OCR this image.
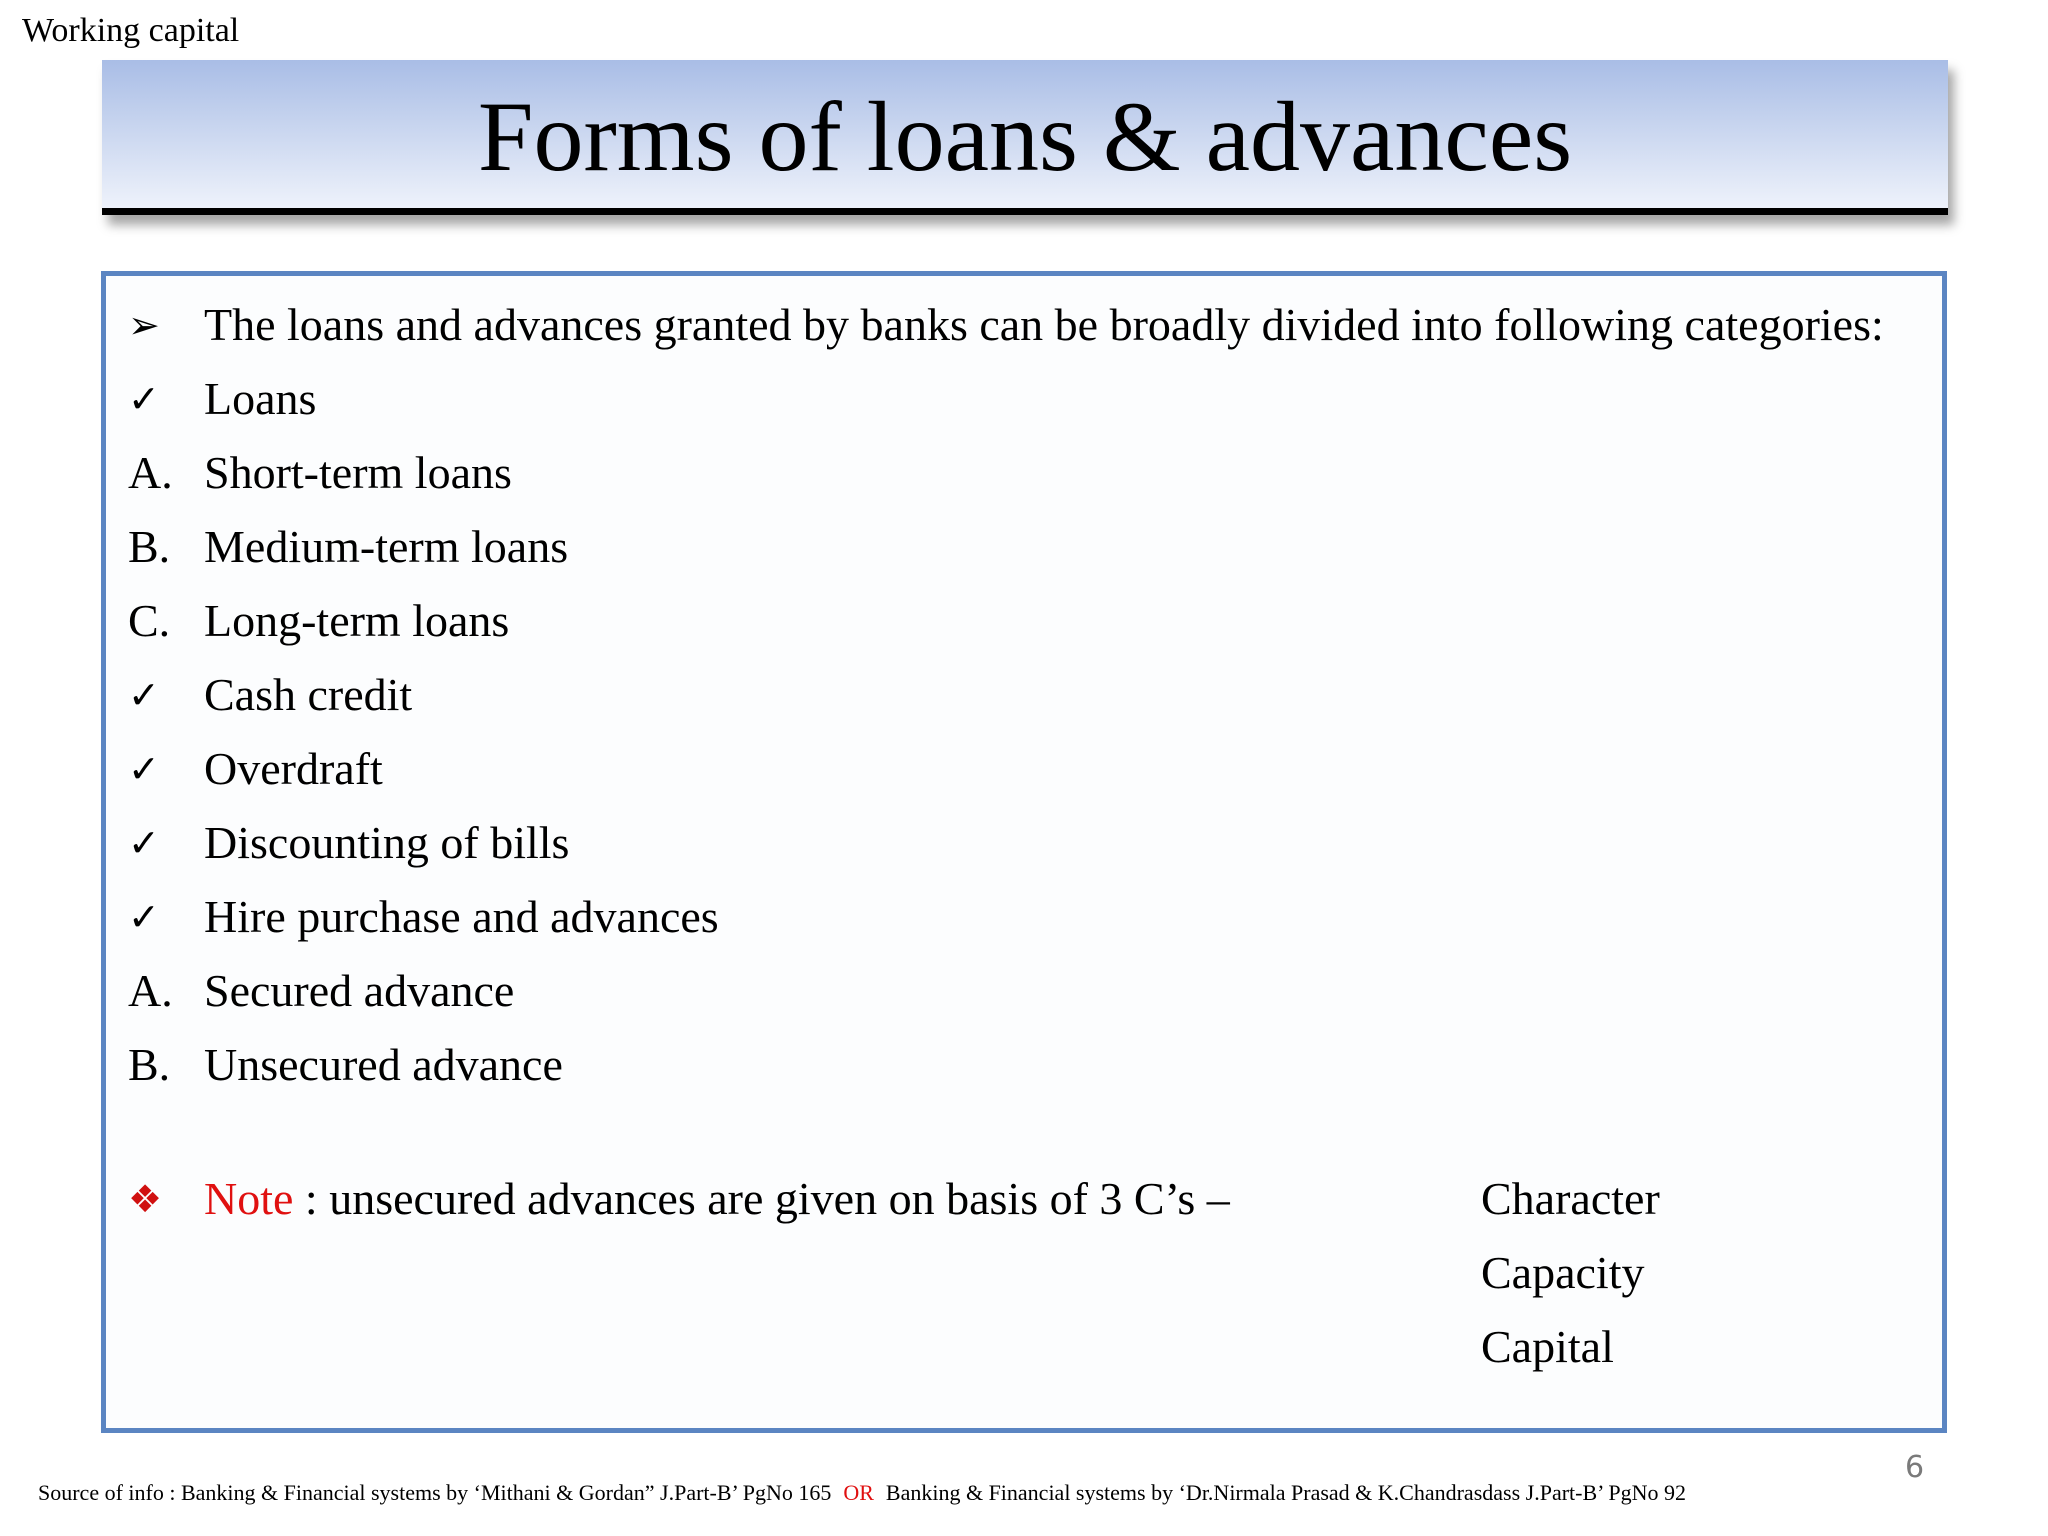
Working capital
Forms of loans & advances
➢ The loans and advances granted by banks can be broadly divided into following categories:
✓ Loans
A. Short-term loans
B. Medium-term loans
C. Long-term loans
✓ Cash credit
✓ Overdraft
✓ Discounting of bills
✓ Hire purchase and advances
A. Secured advance
B. Unsecured advance
❖ Note : unsecured advances are given on basis of 3 C’s –	Character
Capacity
Capital
6
Source of info : Banking & Financial systems by ‘Mithani & Gordan” J.Part-B’ PgNo 165 OR Banking & Financial systems by ‘Dr.Nirmala Prasad & K.Chandrasdass J.Part-B’ PgNo 92
